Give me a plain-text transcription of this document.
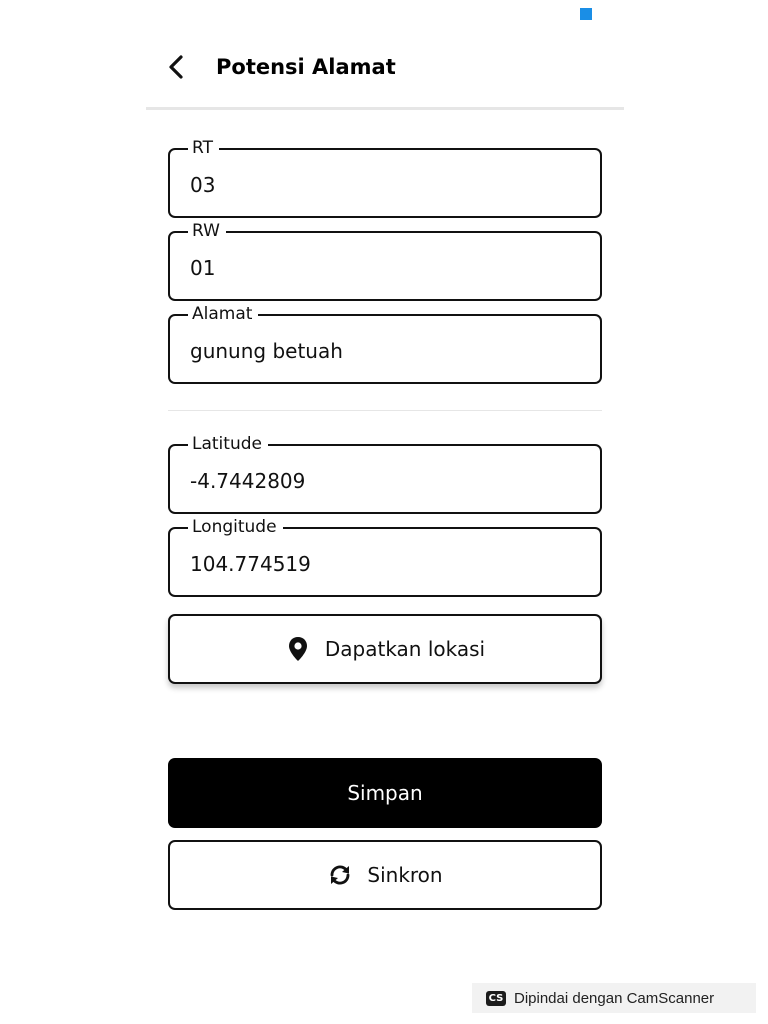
Potensi Alamat
RT
03
RW
01
Alamat
gunung betuah
Latitude
-4.7442809
Longitude
104.774519
Dapatkan lokasi
Simpan
Sinkron
CS Dipindai dengan CamScanner
